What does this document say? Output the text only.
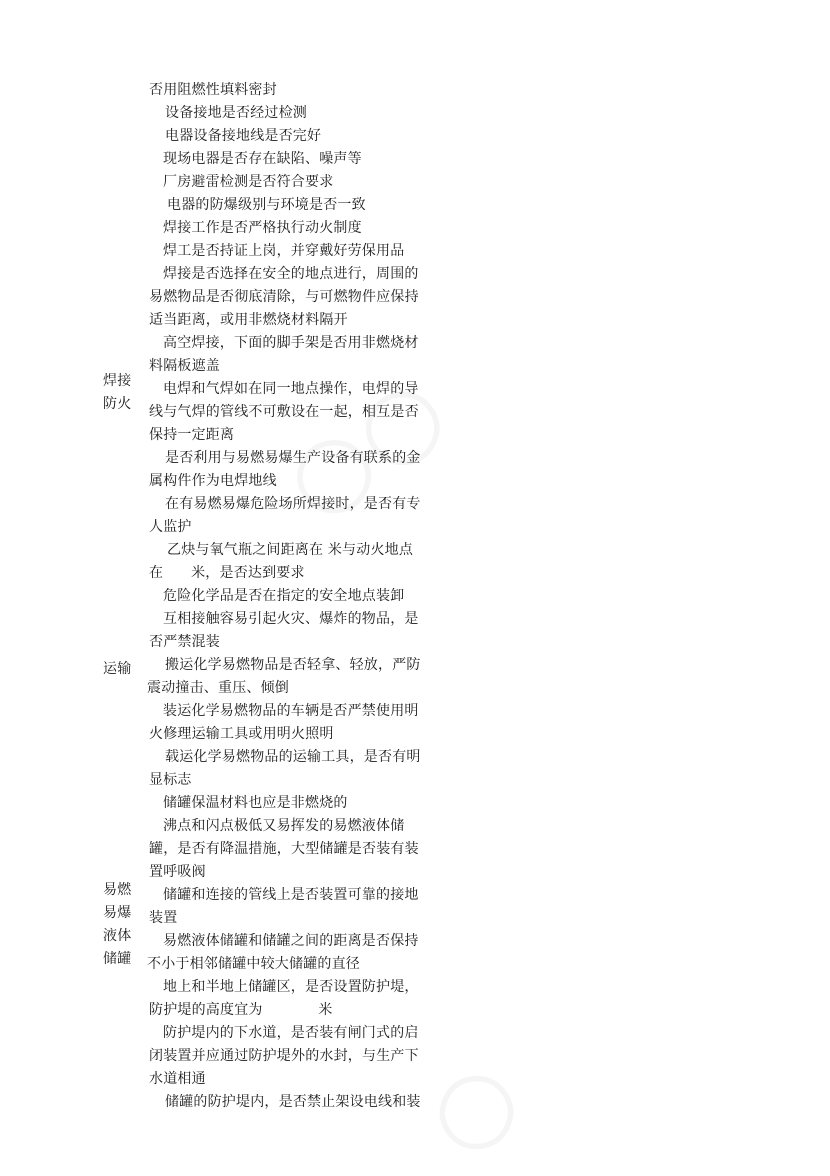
否用阻燃性填料密封
设备接地是否经过检测
电器设备接地线是否完好
现场电器是否存在缺陷、噪声等
厂房避雷检测是否符合要求
电器的防爆级别与环境是否一致
焊接工作是否严格执行动火制度
焊工是否持证上岗，并穿戴好劳保用品
焊接是否选择在安全的地点进行，周围的
易燃物品是否彻底清除，与可燃物件应保持
适当距离，或用非燃烧材料隔开
高空焊接，下面的脚手架是否用非燃烧材
料隔板遮盖
电焊和气焊如在同一地点操作，电焊的导
线与气焊的管线不可敷设在一起，相互是否
保持一定距离
是否利用与易燃易爆生产设备有联系的金
属构件作为电焊地线
在有易燃易爆危险场所焊接时，是否有专
人监护
乙炔与氧气瓶之间距离在 米与动火地点
在      米，是否达到要求
危险化学品是否在指定的安全地点装卸
互相接触容易引起火灾、爆炸的物品，是
否严禁混装
搬运化学易燃物品是否轻拿、轻放，严防
震动撞击、重压、倾倒
装运化学易燃物品的车辆是否严禁使用明
火修理运输工具或用明火照明
载运化学易燃物品的运输工具，是否有明
显标志
储罐保温材料也应是非燃烧的
沸点和闪点极低又易挥发的易燃液体储
罐，是否有降温措施，大型储罐是否装有装
置呼吸阀
储罐和连接的管线上是否装置可靠的接地
装置
易燃液体储罐和储罐之间的距离是否保持
不小于相邻储罐中较大储罐的直径
地上和半地上储罐区，是否设置防护堤，
防护堤的高度宜为            米
防护堤内的下水道，是否装有闸门式的启
闭装置并应通过防护堤外的水封，与生产下
水道相通
储罐的防护堤内，是否禁止架设电线和装
焊接
防火
运输
易燃
易爆
液体
储罐
